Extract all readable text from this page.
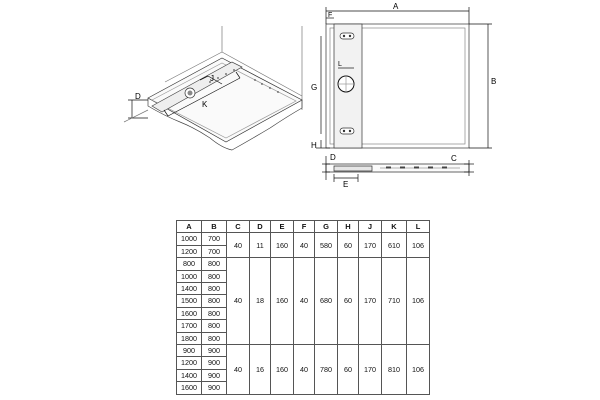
D
J
K
A
F
B
G
H
L
D	C
E
A	B	C	D	E	F	G	H	J	K	L
1000	700	40	11	160	40	580	60	170	610	106
1200	700									
800	800	40	18	160	40	680	60	170	710	106
1000	800									
1400	800									
1500	800									
1600	800									
1700	800									
1800	800									
900	900	40	16	160	40	780	60	170	810	106
1200	900									
1400	900									
1600	900									
